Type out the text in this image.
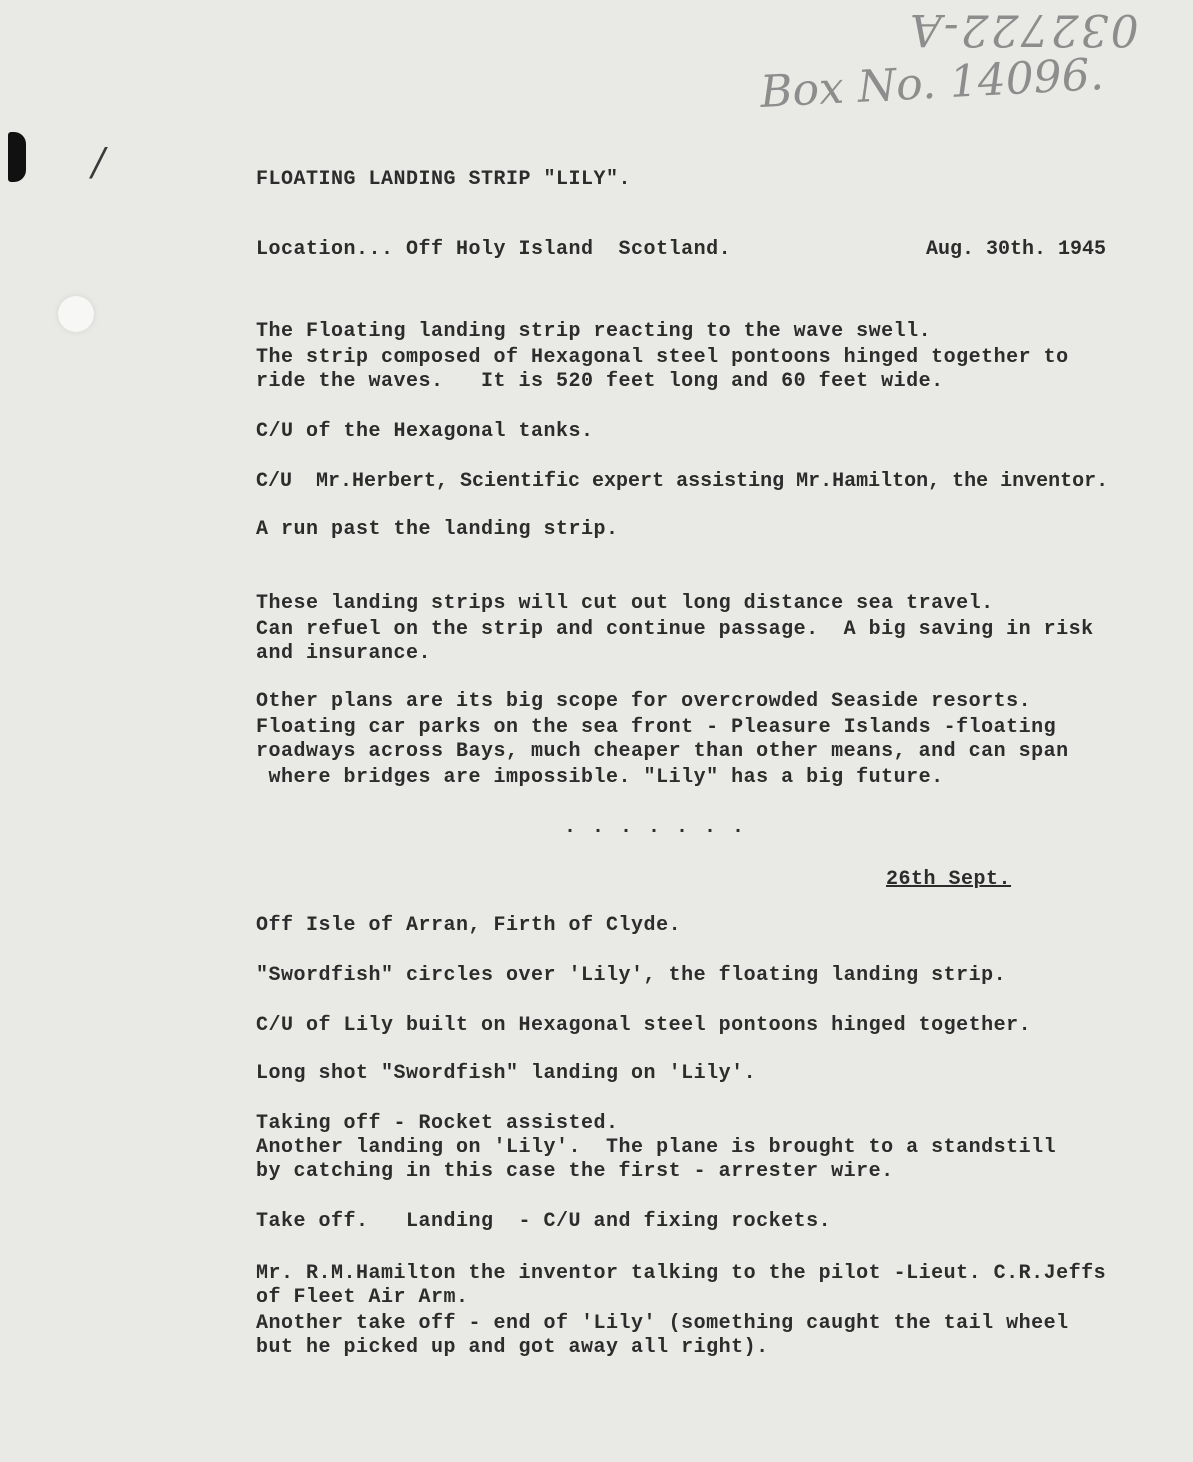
032722-A
Box No. 14096.
/	FLOATING LANDING STRIP "LILY".
Location... Off Holy Island  Scotland.	Aug. 30th. 1945
The Floating landing strip reacting to the wave swell.
The strip composed of Hexagonal steel pontoons hinged together to
ride the waves.   It is 520 feet long and 60 feet wide.
C/U of the Hexagonal tanks.
C/U  Mr.Herbert, Scientific expert assisting Mr.Hamilton, the inventor.
A run past the landing strip.
These landing strips will cut out long distance sea travel.
Can refuel on the strip and continue passage.  A big saving in risk
and insurance.
Other plans are its big scope for overcrowded Seaside resorts.
Floating car parks on the sea front - Pleasure Islands -floating
roadways across Bays, much cheaper than other means, and can span
where bridges are impossible. "Lily" has a big future.
. . . . . . .
26th Sept.
Off Isle of Arran, Firth of Clyde.
"Swordfish" circles over 'Lily', the floating landing strip.
C/U of Lily built on Hexagonal steel pontoons hinged together.
Long shot "Swordfish" landing on 'Lily'.
Taking off - Rocket assisted.
Another landing on 'Lily'.  The plane is brought to a standstill
by catching in this case the first - arrester wire.
Take off.   Landing  - C/U and fixing rockets.
Mr. R.M.Hamilton the inventor talking to the pilot -Lieut. C.R.Jeffs
of Fleet Air Arm.
Another take off - end of 'Lily' (something caught the tail wheel
but he picked up and got away all right).
